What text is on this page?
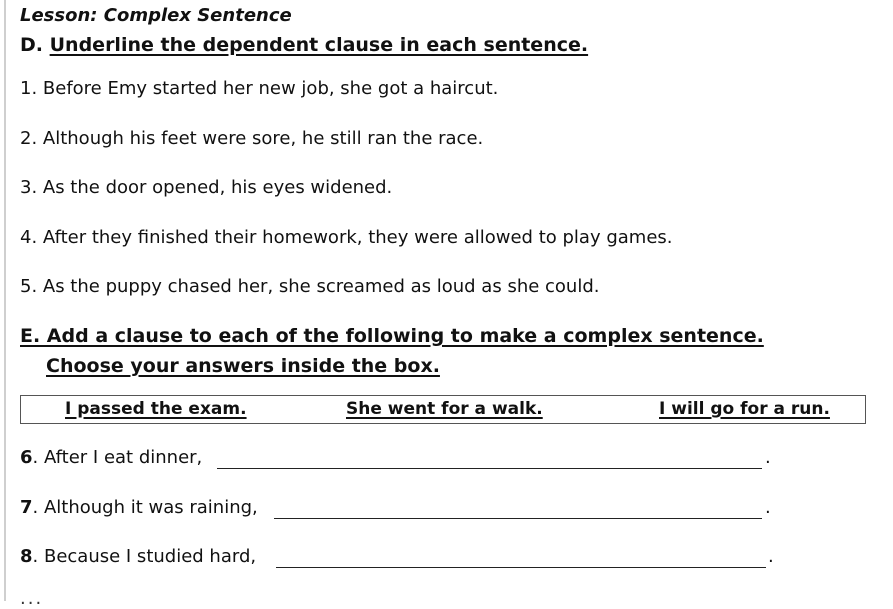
Lesson: Complex Sentence
D. Underline the dependent clause in each sentence.
1. Before Emy started her new job, she got a haircut.
2. Although his feet were sore, he still ran the race.
3. As the door opened, his eyes widened.
4. After they finished their homework, they were allowed to play games.
5. As the puppy chased her, she screamed as loud as she could.
E. Add a clause to each of the following to make a complex sentence.
Choose your answers inside the box.
I passed the exam.	She went for a walk.	I will go for a run.
6. After I eat dinner,	.
7. Although it was raining,	.
8. Because I studied hard,	.
...
